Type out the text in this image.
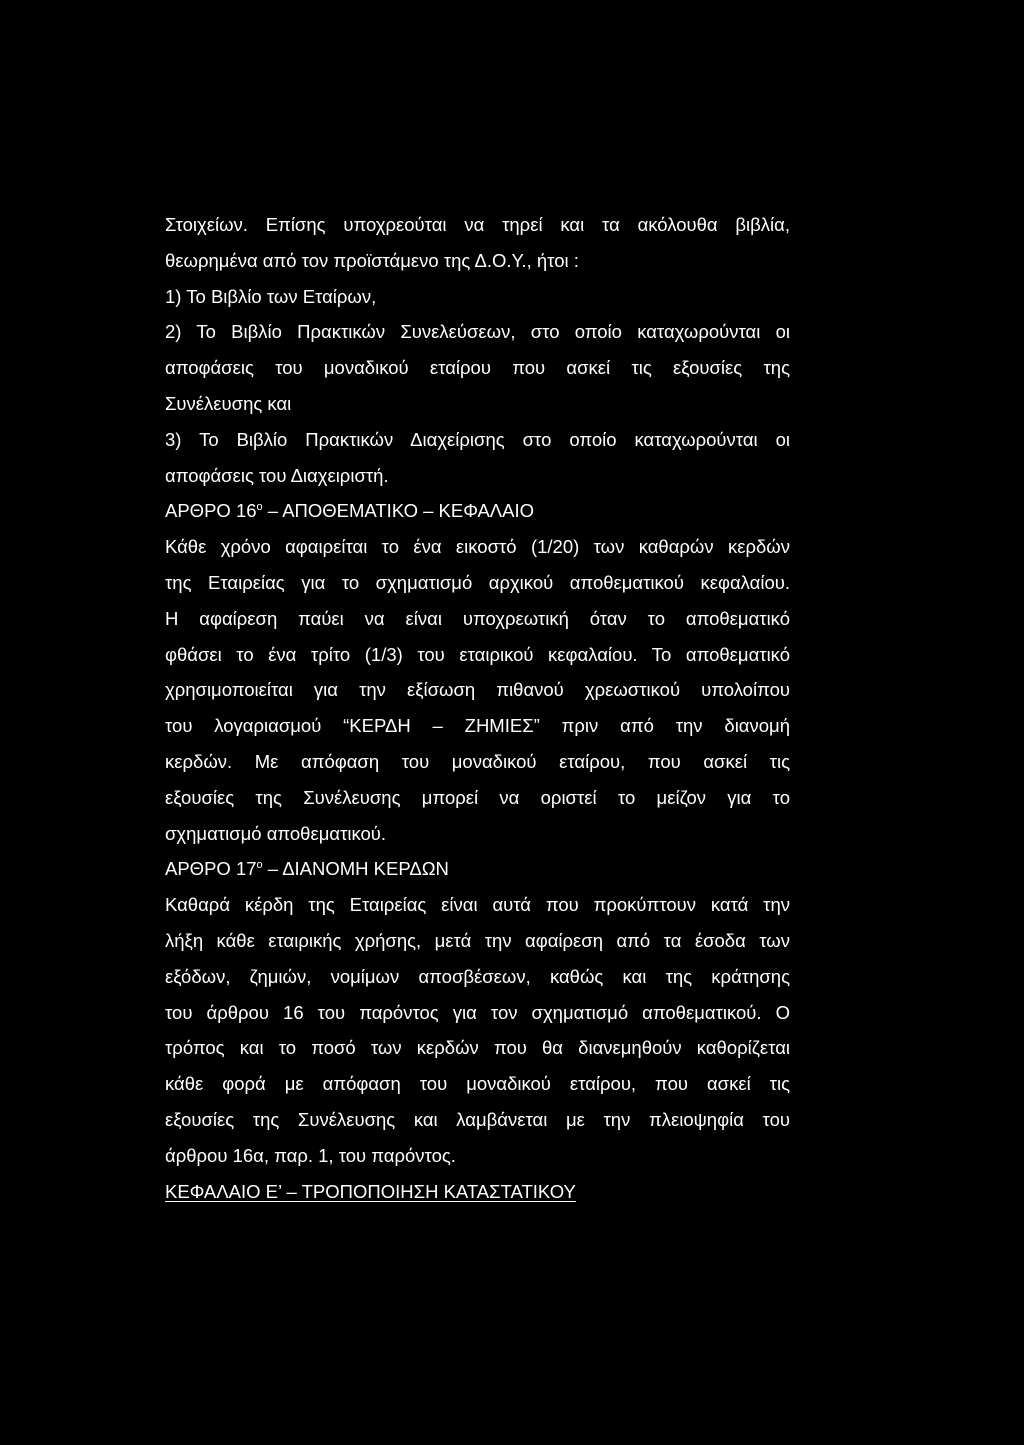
Στοιχείων. Επίσης υποχρεούται να τηρεί και τα ακόλουθα βιβλία,
θεωρημένα από τον προϊστάμενο της Δ.Ο.Υ., ήτοι :
1) Το Βιβλίο των Εταίρων,
2) Το Βιβλίο Πρακτικών Συνελεύσεων, στο οποίο καταχωρούνται οι
αποφάσεις του μοναδικού εταίρου που ασκεί τις εξουσίες της
Συνέλευσης και
3) Το Βιβλίο Πρακτικών Διαχείρισης στο οποίο καταχωρούνται οι
αποφάσεις του Διαχειριστή.
ΑΡΘΡΟ $16^o$ – ΑΠΟΘΕΜΑΤΙΚΟ – ΚΕΦΑΛΑΙΟ
Κάθε χρόνο αφαιρείται το ένα εικοστό (1/20) των καθαρών κερδών
της Εταιρείας για το σχηματισμό αρχικού αποθεματικού κεφαλαίου.
Η αφαίρεση παύει να είναι υποχρεωτική όταν το αποθεματικό
φθάσει το ένα τρίτο (1/3) του εταιρικού κεφαλαίου. Το αποθεματικό
χρησιμοποιείται για την εξίσωση πιθανού χρεωστικού υπολοίπου
του λογαριασμού “ΚΕΡΔΗ – ΖΗΜΙΕΣ” πριν από την διανομή
κερδών. Με απόφαση του μοναδικού εταίρου, που ασκεί τις
εξουσίες της Συνέλευσης μπορεί να οριστεί το μείζον για το
σχηματισμό αποθεματικού.
ΑΡΘΡΟ $17^o$ – ΔΙΑΝΟΜΗ ΚΕΡΔΩΝ
Καθαρά κέρδη της Εταιρείας είναι αυτά που προκύπτουν κατά την
λήξη κάθε εταιρικής χρήσης, μετά την αφαίρεση από τα έσοδα των
εξόδων, ζημιών, νομίμων αποσβέσεων, καθώς και της κράτησης
του άρθρου 16 του παρόντος για τον σχηματισμό αποθεματικού. Ο
τρόπος και το ποσό των κερδών που θα διανεμηθούν καθορίζεται
κάθε φορά με απόφαση του μοναδικού εταίρου, που ασκεί τις
εξουσίες της Συνέλευσης και λαμβάνεται με την πλειοψηφία του
άρθρου 16α, παρ. 1, του παρόντος.
ΚΕΦΑΛΑΙΟ Ε’ – ΤΡΟΠΟΠΟΙΗΣΗ ΚΑΤΑΣΤΑΤΙΚΟΥ
